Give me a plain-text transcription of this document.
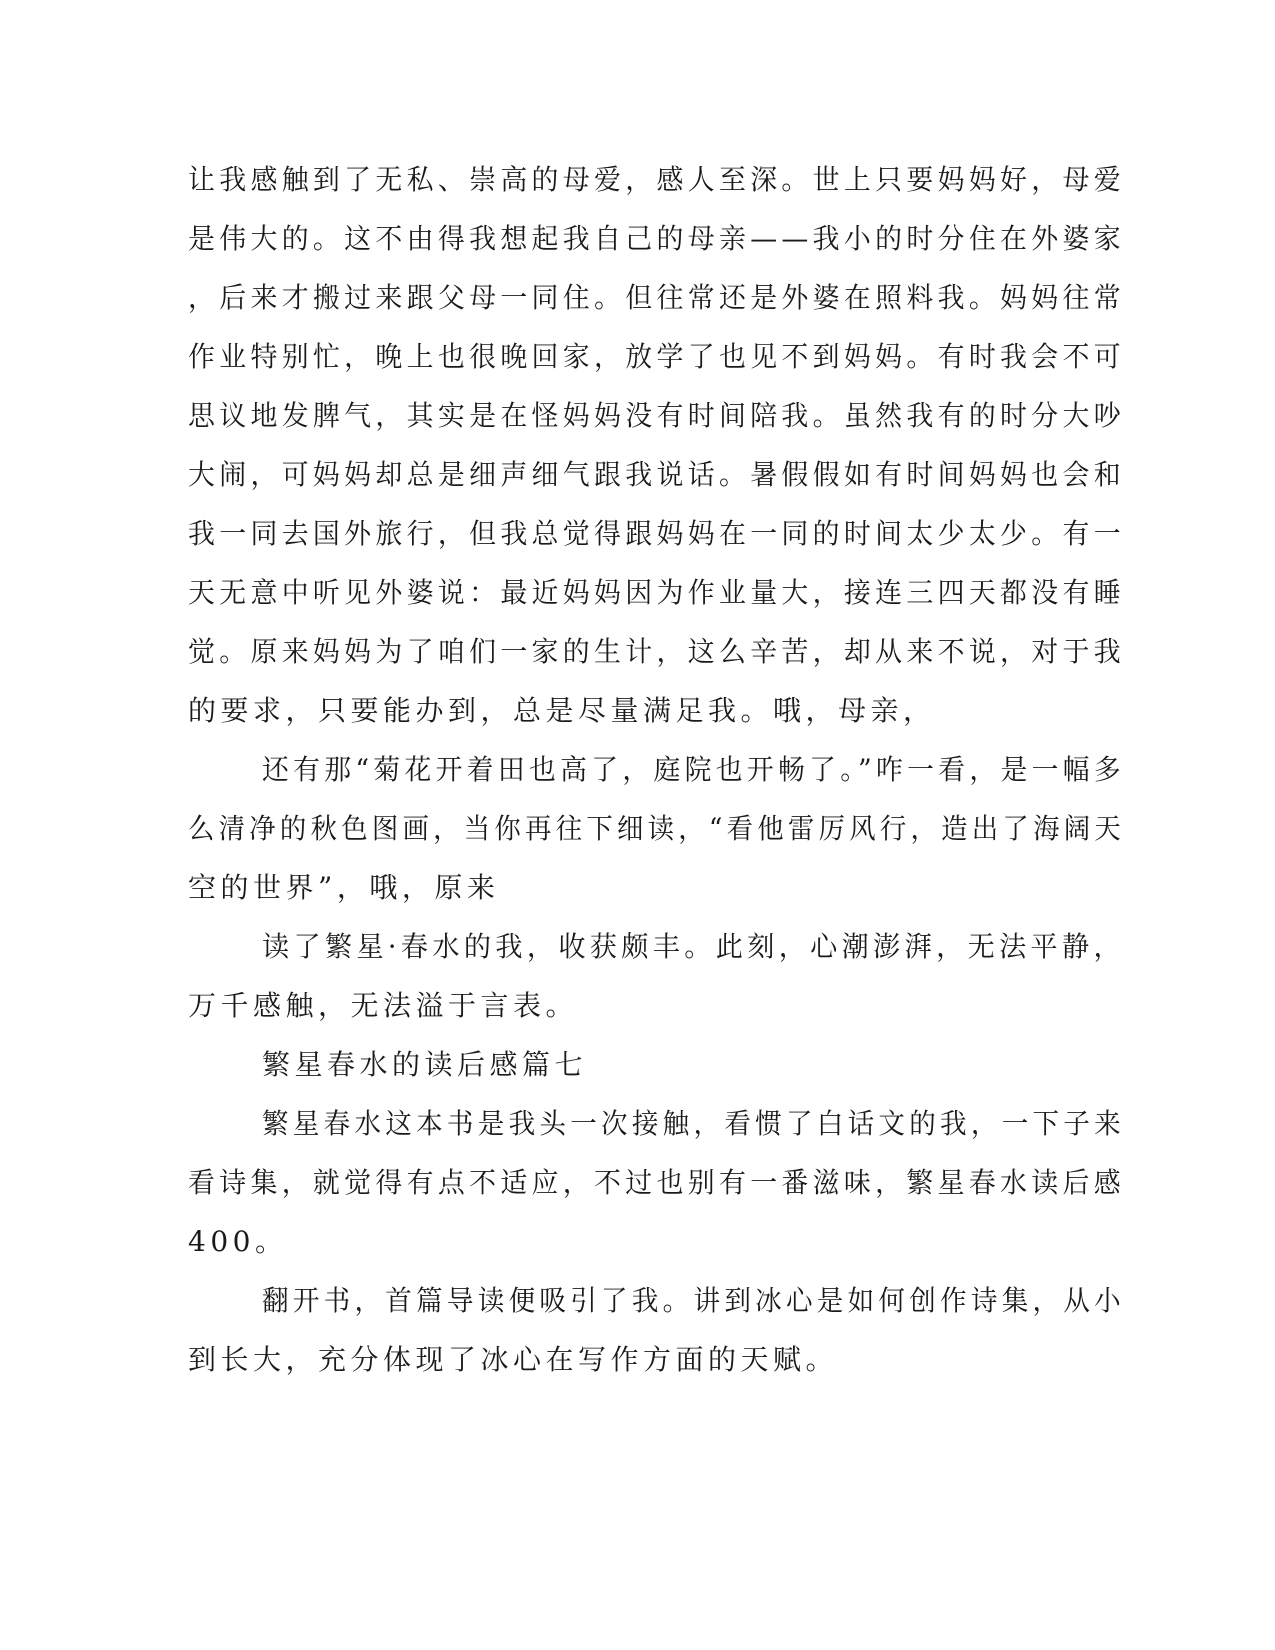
让我感触到了无私、崇高的母爱，感人至深。世上只要妈妈好，母爱
是伟大的。这不由得我想起我自己的母亲——我小的时分住在外婆家
，后来才搬过来跟父母一同住。但往常还是外婆在照料我。妈妈往常
作业特别忙，晚上也很晚回家，放学了也见不到妈妈。有时我会不可
思议地发脾气，其实是在怪妈妈没有时间陪我。虽然我有的时分大吵
大闹，可妈妈却总是细声细气跟我说话。暑假假如有时间妈妈也会和
我一同去国外旅行，但我总觉得跟妈妈在一同的时间太少太少。有一
天无意中听见外婆说：最近妈妈因为作业量大，接连三四天都没有睡
觉。原来妈妈为了咱们一家的生计，这么辛苦，却从来不说，对于我
的要求，只要能办到，总是尽量满足我。哦，母亲，
还有那“菊花开着田也高了，庭院也开畅了。”咋一看，是一幅多
么清净的秋色图画，当你再往下细读，“看他雷厉风行，造出了海阔天
空的世界”，哦，原来
读了繁星·春水的我，收获颇丰。此刻，心潮澎湃，无法平静，
万千感触，无法溢于言表。
繁星春水的读后感篇七
繁星春水这本书是我头一次接触，看惯了白话文的我，一下子来
看诗集，就觉得有点不适应，不过也别有一番滋味，繁星春水读后感
400。
翻开书，首篇导读便吸引了我。讲到冰心是如何创作诗集，从小
到长大，充分体现了冰心在写作方面的天赋。
